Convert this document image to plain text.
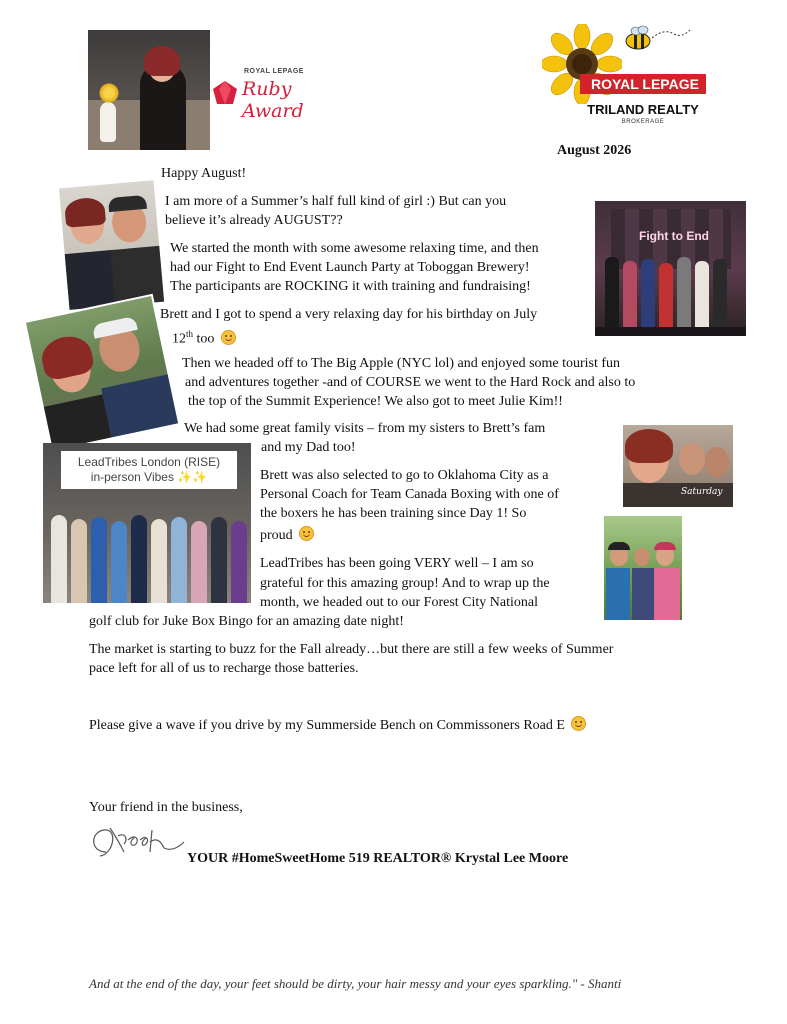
ROYAL LEPAGE
Ruby Award
ROYAL LEPAGE
TRILAND REALTY
BROKERAGE
August 2026
Happy August!
I am more of a Summer’s half full kind of girl :) But can you
believe it’s already AUGUST??
We started the month with some awesome relaxing time, and then
had our Fight to End Event Launch Party at Toboggan Brewery!
The participants are ROCKING it with training and fundraising!
Brett and I got to spend a very relaxing day for his birthday on July
12th too
Then we headed off to The Big Apple (NYC lol) and enjoyed some tourist fun
and adventures together -and of COURSE we went to the Hard Rock and also to
the top of the Summit Experience! We also got to meet Julie Kim!!
We had some great family visits – from my sisters to Brett’s fam
and my Dad too!
Brett was also selected to go to Oklahoma City as a
Personal Coach for Team Canada Boxing with one of
the boxers he has been training since Day 1! So
proud
LeadTribes has been going VERY well – I am so
grateful for this amazing group! And to wrap up the
month, we headed out to our Forest City National
golf club for Juke Box Bingo for an amazing date night!
The market is starting to buzz for the Fall already…but there are still a few weeks of Summer
pace left for all of us to recharge those batteries.
Please give a wave if you drive by my Summerside Bench on Commissoners Road E
Your friend in the business,
YOUR #HomeSweetHome 519 REALTOR® Krystal Lee Moore
And at the end of the day, your feet should be dirty, your hair messy and your eyes sparkling." - Shanti
Fight to End
LeadTribes London (RISE)
in-person Vibes ✨✨
Saturday
